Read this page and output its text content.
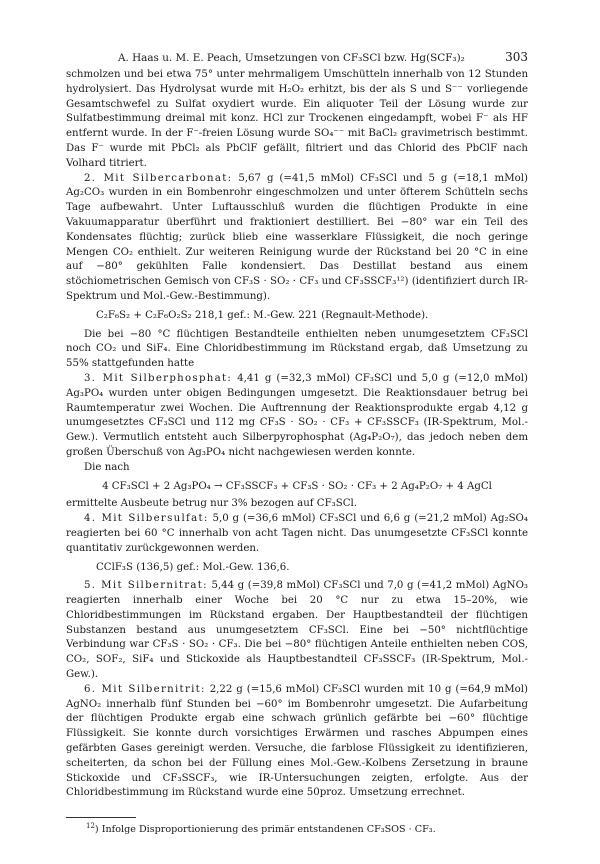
A. Haas u. M. E. Peach, Umsetzungen von CF₃SCl bzw. Hg(SCF₃)₂	303

schmolzen und bei etwa 75° unter mehrmaligem Umschütteln innerhalb von 12 Stunden hydrolysiert. Das Hydrolysat wurde mit H₂O₂ erhitzt, bis der als S und S⁻⁻ vorliegende Gesamtschwefel zu Sulfat oxydiert wurde. Ein aliquoter Teil der Lösung wurde zur Sulfatbestimmung dreimal mit konz. HCl zur Trockenen eingedampft, wobei F⁻ als HF entfernt wurde. In der F⁻-freien Lösung wurde SO₄⁻⁻ mit BaCl₂ gravimetrisch bestimmt. Das F⁻ wurde mit PbCl₂ als PbClF gefällt, filtriert und das Chlorid des PbClF nach Volhard titriert.

2. Mit Silbercarbonat: 5,67 g (=41,5 mMol) CF₃SCl und 5 g (=18,1 mMol) Ag₂CO₃ wurden in ein Bombenrohr eingeschmolzen und unter öfterem Schütteln sechs Tage aufbewahrt. Unter Luftausschluß wurden die flüchtigen Produkte in eine Vakuumapparatur überführt und fraktioniert destilliert. Bei −80° war ein Teil des Kondensates flüchtig; zurück blieb eine wasserklare Flüssigkeit, die noch geringe Mengen CO₂ enthielt. Zur weiteren Reinigung wurde der Rückstand bei 20 °C in eine auf −80° gekühlten Falle kondensiert. Das Destillat bestand aus einem stöchiometrischen Gemisch von CF₃S · SO₂ · CF₃ und CF₃SSCF₃¹²) (identifiziert durch IR-Spektrum und Mol.-Gew.-Bestimmung).

C₂F₆S₂ + C₂F₆O₂S₂ 218,1 gef.: M.-Gew. 221 (Regnault-Methode).

Die bei −80 °C flüchtigen Bestandteile enthielten neben unumgesetztem CF₃SCl noch CO₂ und SiF₄. Eine Chloridbestimmung im Rückstand ergab, daß Umsetzung zu 55% stattgefunden hatte

3. Mit Silberphosphat: 4,41 g (=32,3 mMol) CF₃SCl und 5,0 g (=12,0 mMol) Ag₃PO₄ wurden unter obigen Bedingungen umgesetzt. Die Reaktionsdauer betrug bei Raumtemperatur zwei Wochen. Die Auftrennung der Reaktionsprodukte ergab 4,12 g unumgesetztes CF₃SCl und 112 mg CF₃S · SO₂ · CF₃ + CF₃SSCF₃ (IR-Spektrum, Mol.-Gew.). Vermutlich entsteht auch Silberpyrophosphat (Ag₄P₂O₇), das jedoch neben dem großen Überschuß von Ag₃PO₄ nicht nachgewiesen werden konnte.

Die nach

4 CF₃SCl + 2 Ag₃PO₄ → CF₃SSCF₃ + CF₃S · SO₂ · CF₃ + 2 Ag₄P₂O₇ + 4 AgCl

ermittelte Ausbeute betrug nur 3% bezogen auf CF₃SCl.

4. Mit Silbersulfat: 5,0 g (=36,6 mMol) CF₃SCl und 6,6 g (=21,2 mMol) Ag₂SO₄ reagierten bei 60 °C innerhalb von acht Tagen nicht. Das unumgesetzte CF₃SCl konnte quantitativ zurückgewonnen werden.

CClF₃S (136,5) gef.: Mol.-Gew. 136,6.

5. Mit Silbernitrat: 5,44 g (=39,8 mMol) CF₃SCl und 7,0 g (=41,2 mMol) AgNO₃ reagierten innerhalb einer Woche bei 20 °C nur zu etwa 15–20%, wie Chloridbestimmungen im Rückstand ergaben. Der Hauptbestandteil der flüchtigen Substanzen bestand aus unumgesetztem CF₃SCl. Eine bei −50° nichtflüchtige Verbindung war CF₃S · SO₂ · CF₃. Die bei −80° flüchtigen Anteile enthielten neben COS, CO₂, SOF₂, SiF₄ und Stickoxide als Hauptbestandteil CF₃SSCF₃ (IR-Spektrum, Mol.-Gew.).

6. Mit Silbernitrit: 2,22 g (=15,6 mMol) CF₃SCl wurden mit 10 g (=64,9 mMol) AgNO₂ innerhalb fünf Stunden bei −60° im Bombenrohr umgesetzt. Die Aufarbeitung der flüchtigen Produkte ergab eine schwach grünlich gefärbte bei −60° flüchtige Flüssigkeit. Sie konnte durch vorsichtiges Erwärmen und rasches Abpumpen eines gefärbten Gases gereinigt werden. Versuche, die farblose Flüssigkeit zu identifizieren, scheiterten, da schon bei der Füllung eines Mol.-Gew.-Kolbens Zersetzung in braune Stickoxide und CF₃SSCF₃, wie IR-Untersuchungen zeigten, erfolgte. Aus der Chloridbestimmung im Rückstand wurde eine 50proz. Umsetzung errechnet.

$^{12}$) Infolge Disproportionierung des primär entstandenen CF₃SOS · CF₃.
